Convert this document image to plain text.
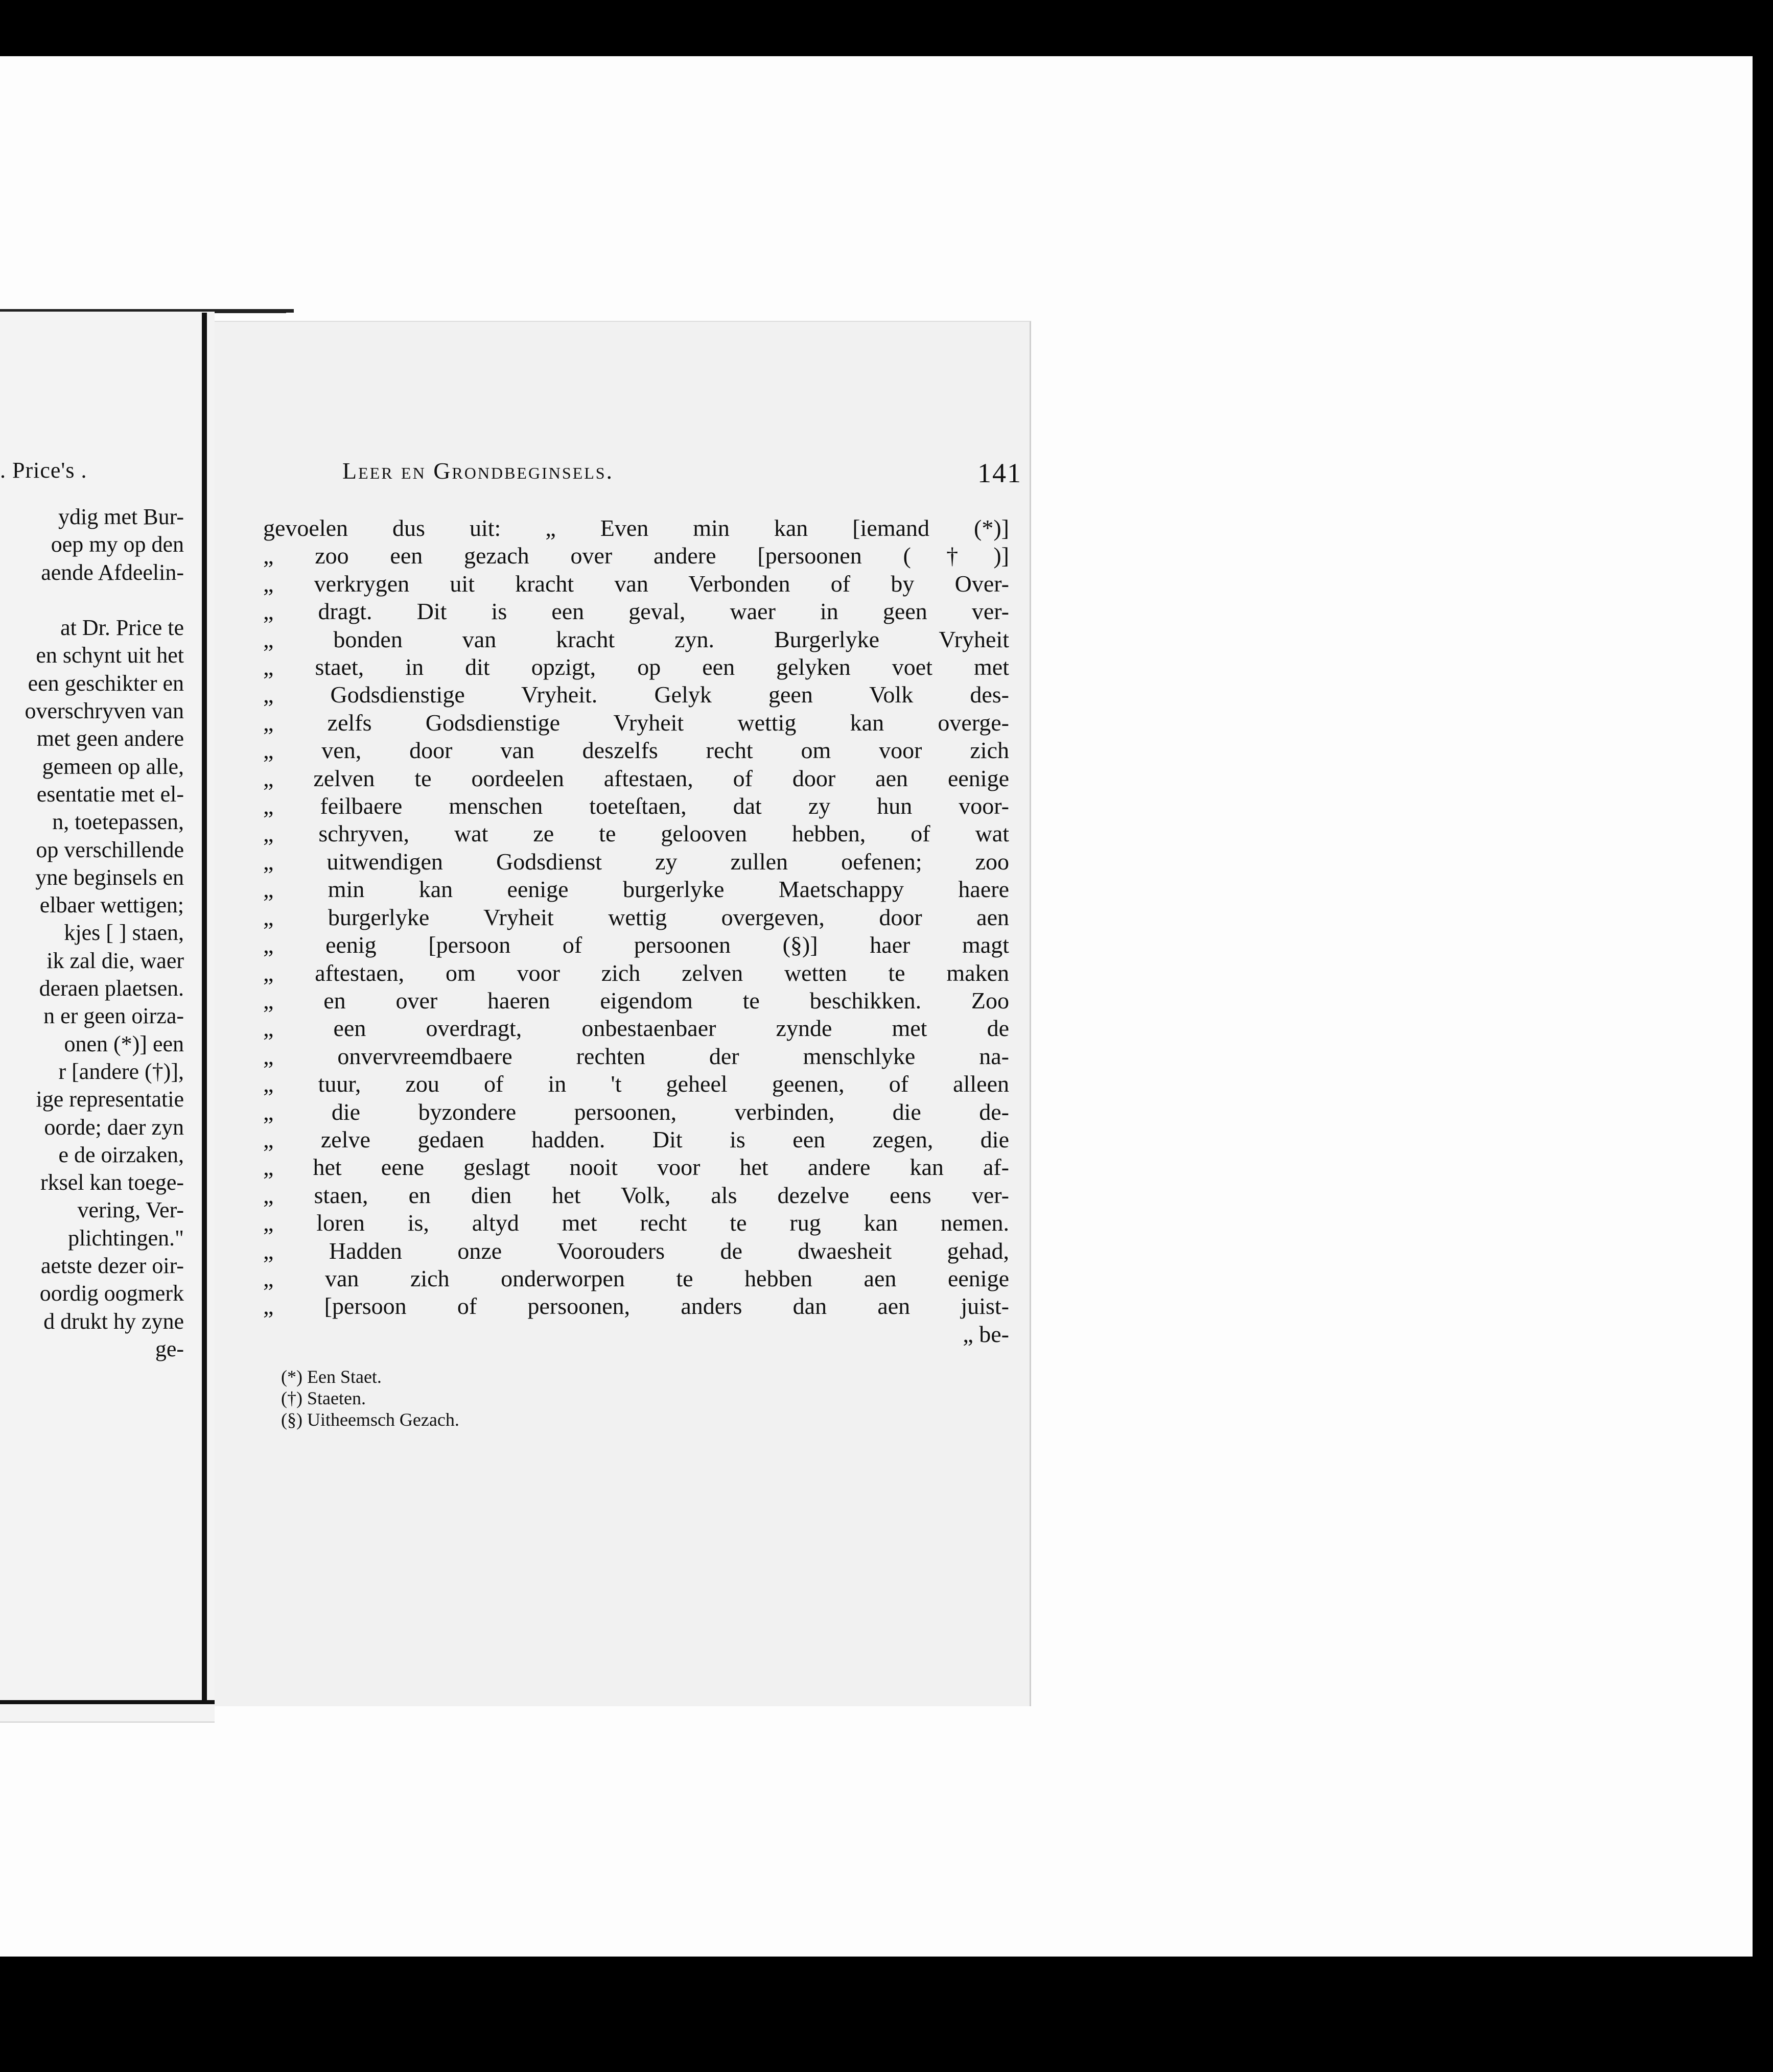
. Price's .
ydig met Bur-
oep my op den
aende Afdeelin-

at Dr. Price te
en schynt uit het
een geschikter en
overschryven van
met geen andere
gemeen op alle,
esentatie met el-
n, toetepassen,
op verschillende
yne beginsels en
elbaer wettigen;
kjes [ ] staen,
ik zal die, waer
deraen plaetsen.
n er geen oirza-
onen (*)] een
r [andere (†)],
ige representatie
oorde; daer zyn
e de oirzaken,
rksel kan toege-
vering, Ver-
plichtingen."
aetste dezer oir-
oordig oogmerk
d drukt hy zyne
ge-
Leer en Grondbeginsels.	141
gevoelen dus uit: „ Even min kan [iemand (*)]
„ zoo een gezach over andere [persoonen (†)]
„ verkrygen uit kracht van Verbonden of by Over-
„ dragt. Dit is een geval, waer in geen ver-
„ bonden van kracht zyn. Burgerlyke Vryheit
„ staet, in dit opzigt, op een gelyken voet met
„ Godsdienstige Vryheit. Gelyk geen Volk des-
„ zelfs Godsdienstige Vryheit wettig kan overge-
„ ven, door van deszelfs recht om voor zich
„ zelven te oordeelen aftestaen, of door aen eenige
„ feilbaere menschen toeteſtaen, dat zy hun voor-
„ schryven, wat ze te gelooven hebben, of wat
„ uitwendigen Godsdienst zy zullen oefenen; zoo
„ min kan eenige burgerlyke Maetschappy haere
„ burgerlyke Vryheit wettig overgeven, door aen
„ eenig [persoon of persoonen (§)] haer magt
„ aftestaen, om voor zich zelven wetten te maken
„ en over haeren eigendom te beschikken. Zoo
„ een overdragt, onbestaenbaer zynde met de
„ onvervreemdbaere rechten der menschlyke na-
„ tuur, zou of in 't geheel geenen, of alleen
„ die byzondere persoonen, verbinden, die de-
„ zelve gedaen hadden. Dit is een zegen, die
„ het eene geslagt nooit voor het andere kan af-
„ staen, en dien het Volk, als dezelve eens ver-
„ loren is, altyd met recht te rug kan nemen.
„ Hadden onze Voorouders de dwaesheit gehad,
„ van zich onderworpen te hebben aen eenige
„ [persoon of persoonen, anders dan aen juist-
„ be-
(*) Een Staet.
(†) Staeten.
(§) Uitheemsch Gezach.
